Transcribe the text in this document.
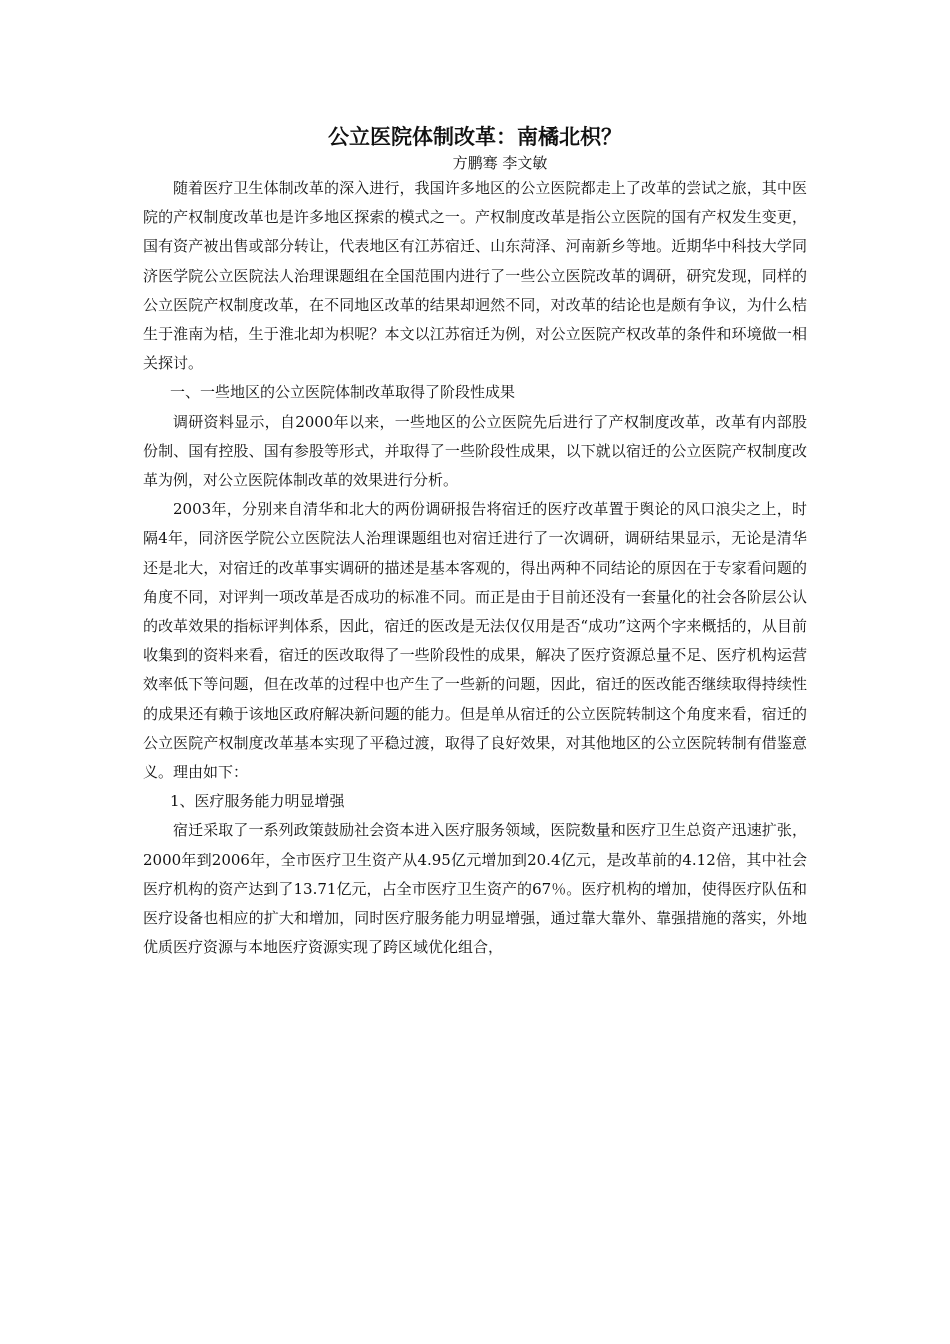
公立医院体制改革：南橘北枳？
方鹏骞 李文敏

随着医疗卫生体制改革的深入进行，我国许多地区的公立医院都走上了改革的尝试之旅，其中医院的产权制度改革也是许多地区探索的模式之一。产权制度改革是指公立医院的国有产权发生变更，国有资产被出售或部分转让，代表地区有江苏宿迁、山东菏泽、河南新乡等地。近期华中科技大学同济医学院公立医院法人治理课题组在全国范围内进行了一些公立医院改革的调研，研究发现，同样的公立医院产权制度改革，在不同地区改革的结果却迥然不同，对改革的结论也是颇有争议，为什么桔生于淮南为桔，生于淮北却为枳呢？本文以江苏宿迁为例，对公立医院产权改革的条件和环境做一相关探讨。

一、一些地区的公立医院体制改革取得了阶段性成果

调研资料显示，自2000年以来，一些地区的公立医院先后进行了产权制度改革，改革有内部股份制、国有控股、国有参股等形式，并取得了一些阶段性成果，以下就以宿迁的公立医院产权制度改革为例，对公立医院体制改革的效果进行分析。

2003年，分别来自清华和北大的两份调研报告将宿迁的医疗改革置于舆论的风口浪尖之上，时隔4年，同济医学院公立医院法人治理课题组也对宿迁进行了一次调研，调研结果显示，无论是清华还是北大，对宿迁的改革事实调研的描述是基本客观的，得出两种不同结论的原因在于专家看问题的角度不同，对评判一项改革是否成功的标准不同。而正是由于目前还没有一套量化的社会各阶层公认的改革效果的指标评判体系，因此，宿迁的医改是无法仅仅用是否“成功”这两个字来概括的，从目前收集到的资料来看，宿迁的医改取得了一些阶段性的成果，解决了医疗资源总量不足、医疗机构运营效率低下等问题，但在改革的过程中也产生了一些新的问题，因此，宿迁的医改能否继续取得持续性的成果还有赖于该地区政府解决新问题的能力。但是单从宿迁的公立医院转制这个角度来看，宿迁的公立医院产权制度改革基本实现了平稳过渡，取得了良好效果，对其他地区的公立医院转制有借鉴意义。理由如下：

1、医疗服务能力明显增强

宿迁采取了一系列政策鼓励社会资本进入医疗服务领域，医院数量和医疗卫生总资产迅速扩张，2000年到2006年，全市医疗卫生资产从4.95亿元增加到20.4亿元，是改革前的4.12倍，其中社会医疗机构的资产达到了13.71亿元，占全市医疗卫生资产的67％。医疗机构的增加，使得医疗队伍和医疗设备也相应的扩大和增加，同时医疗服务能力明显增强，通过靠大靠外、靠强措施的落实，外地优质医疗资源与本地医疗资源实现了跨区域优化组合，
